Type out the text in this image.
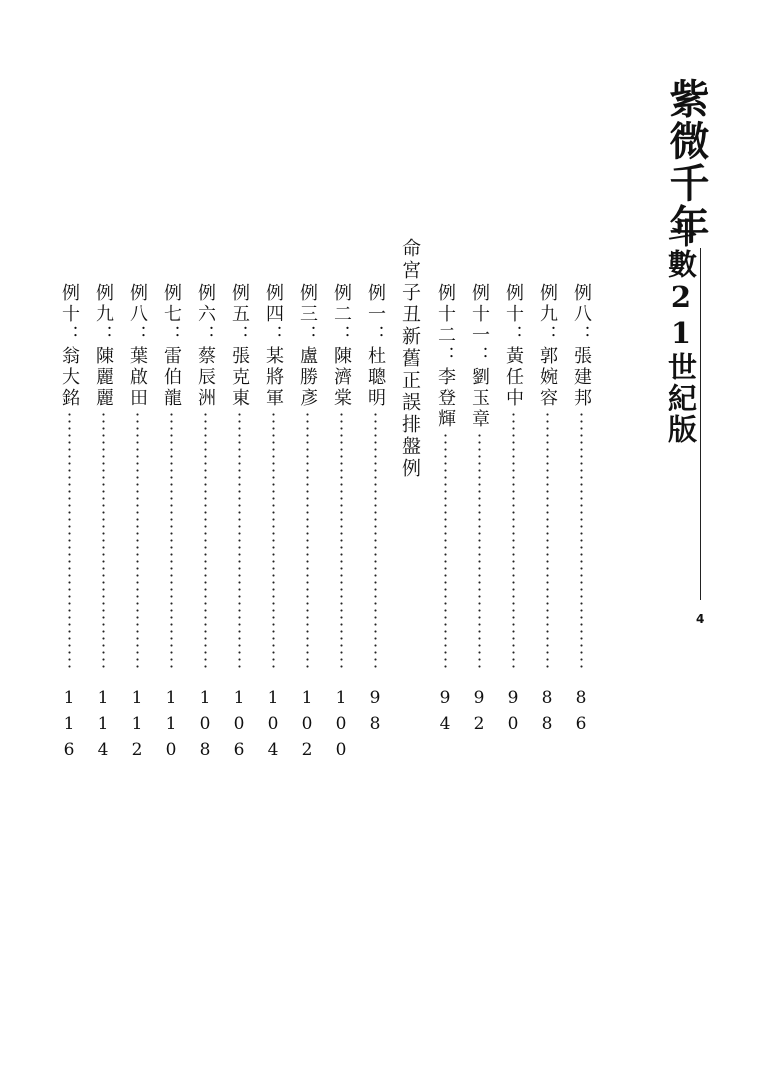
紫微千年
斗數21世紀版
4
命宮子丑新舊正誤排盤例	例八：張建邦
86
例九：郭婉容
88
例十：黃任中
90
例十一：劉玉章
92
例十二：李登輝
94
例一：杜聰明
98
例二：陳濟棠
100
例三：盧勝彥
102
例四：某將軍
104
例五：張克東
106
例六：蔡辰洲
108
例七：雷伯龍
110
例八：葉啟田
112
例九：陳麗麗
114
例十：翁大銘
116
